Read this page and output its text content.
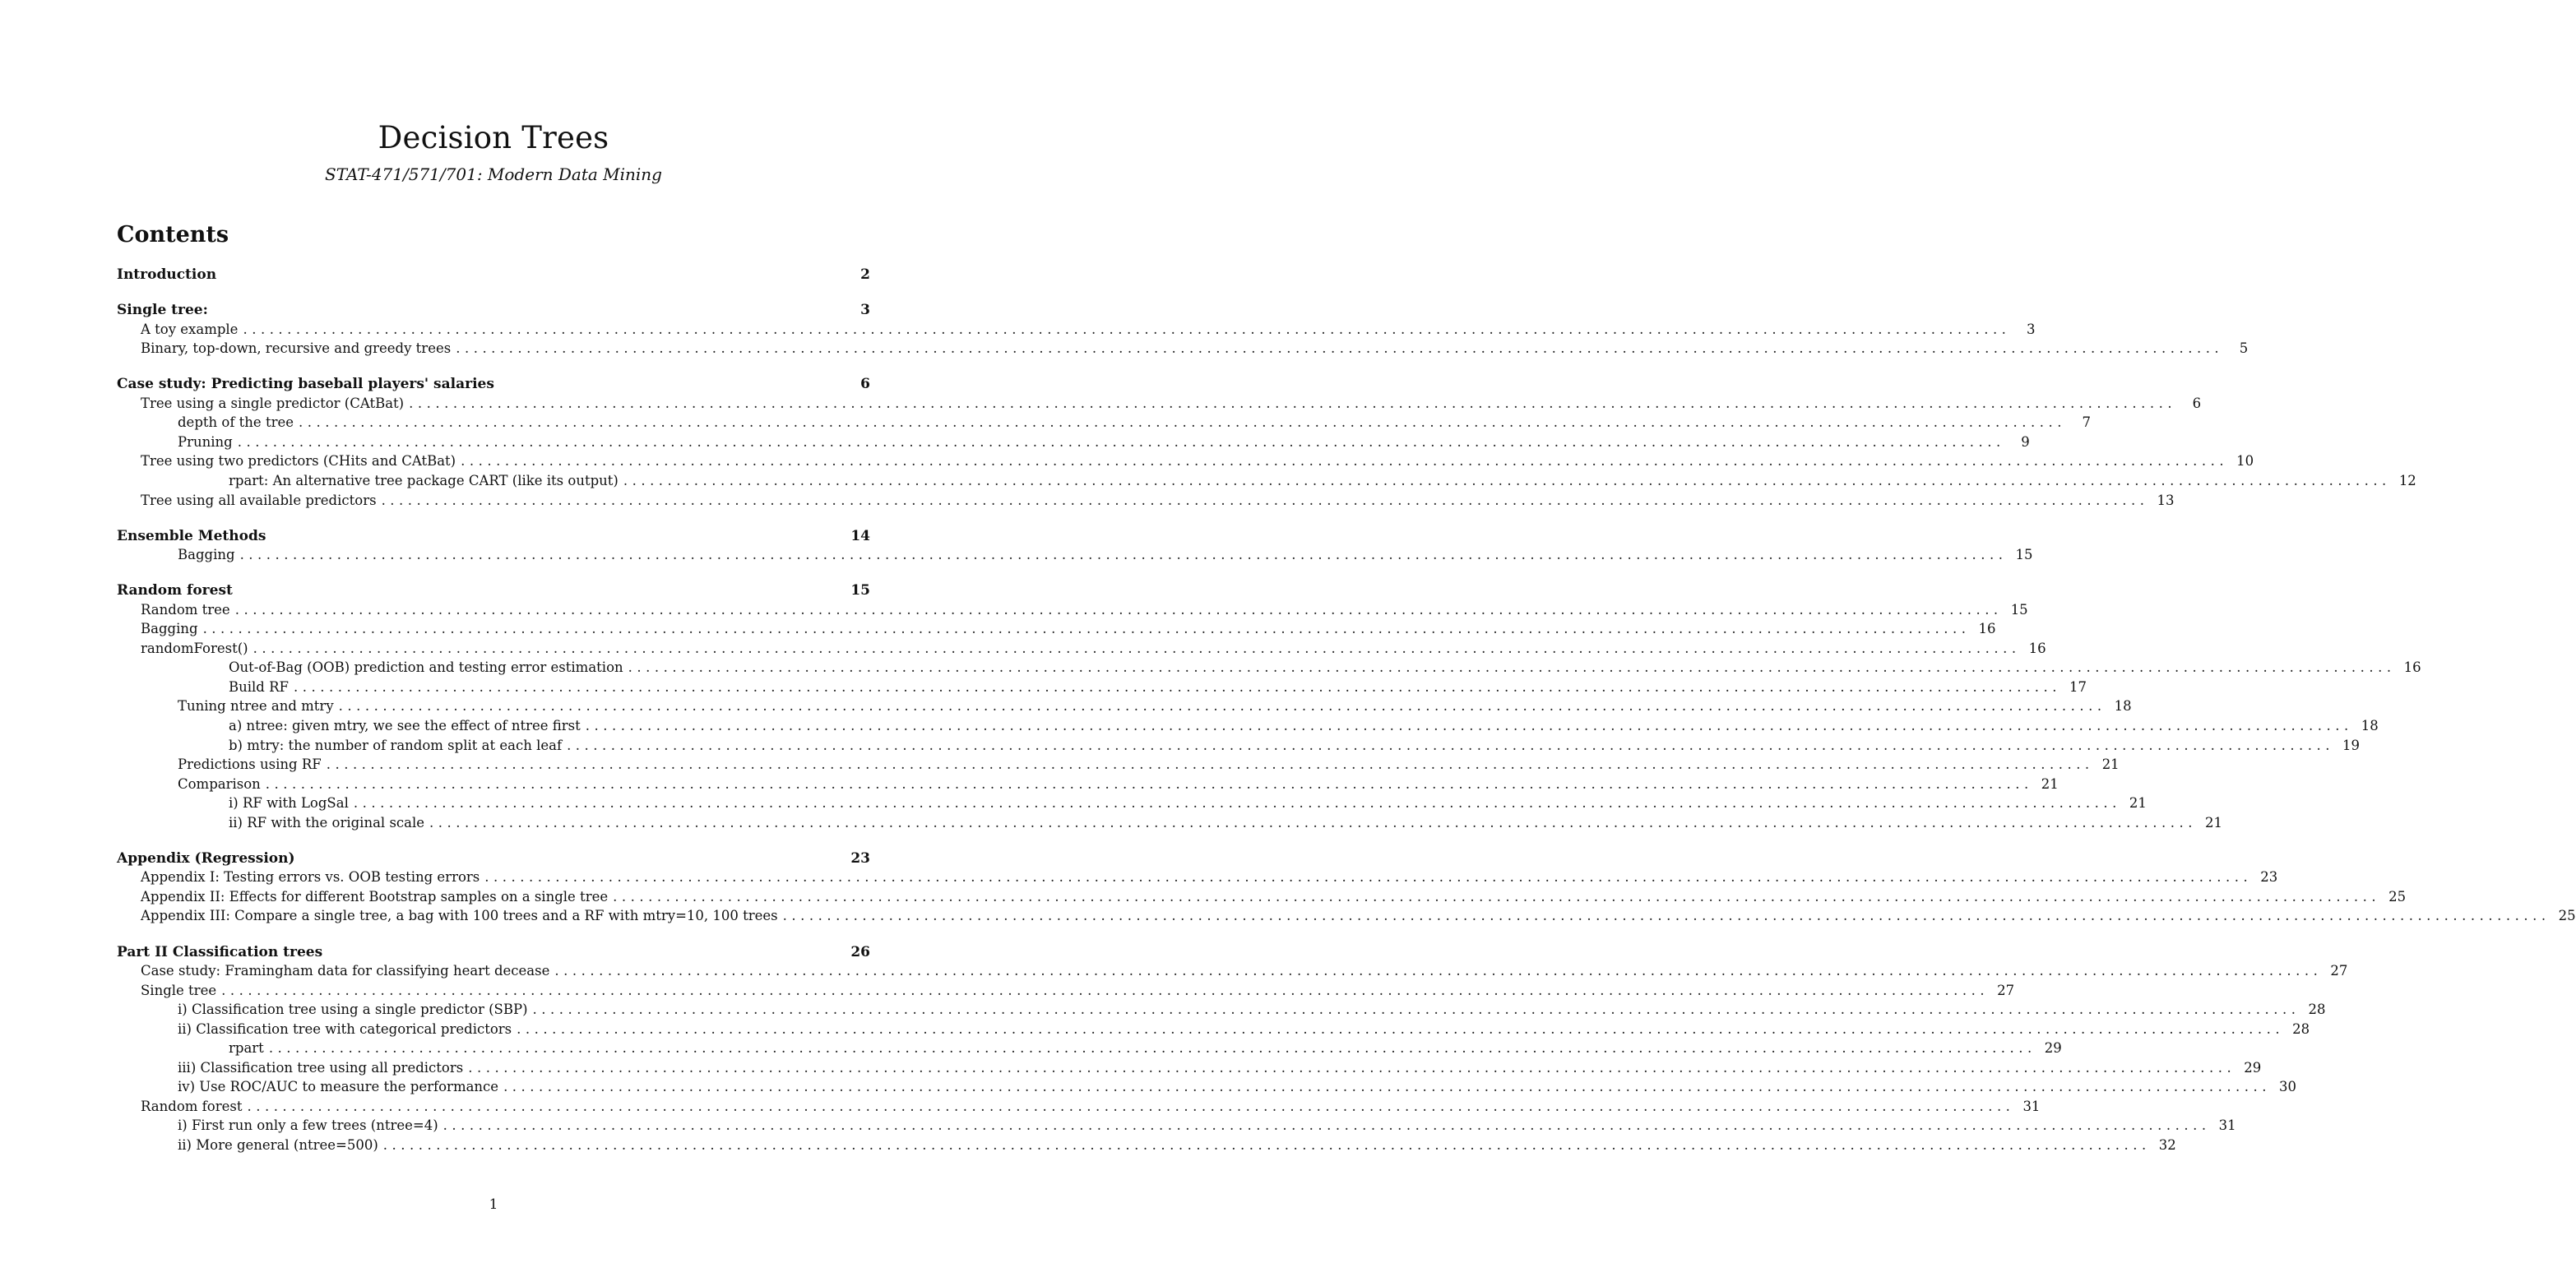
Decision Trees
STAT-471/571/701: Modern Data Mining
Contents
Introduction	2
Single tree:	3
A toy example ........................................................................................................................................................................................................	3
Binary, top-down, recursive and greedy trees ........................................................................................................................................................................................................	5
Case study: Predicting baseball players' salaries	6
Tree using a single predictor (CAtBat) ........................................................................................................................................................................................................	6
depth of the tree ........................................................................................................................................................................................................	7
Pruning ........................................................................................................................................................................................................	9
Tree using two predictors (CHits and CAtBat) ........................................................................................................................................................................................................ 10
rpart: An alternative tree package CART (like its output) ........................................................................................................................................................................................................ 12
Tree using all available predictors ........................................................................................................................................................................................................ 13
Ensemble Methods	14
Bagging ........................................................................................................................................................................................................ 15
Random forest	15
Random tree ........................................................................................................................................................................................................ 15
Bagging ........................................................................................................................................................................................................ 16
randomForest() ........................................................................................................................................................................................................ 16
Out-of-Bag (OOB) prediction and testing error estimation ........................................................................................................................................................................................................ 16
Build RF ........................................................................................................................................................................................................ 17
Tuning ntree and mtry ........................................................................................................................................................................................................ 18
a) ntree: given mtry, we see the effect of ntree first ........................................................................................................................................................................................................ 18
b) mtry: the number of random split at each leaf ........................................................................................................................................................................................................ 19
Predictions using RF ........................................................................................................................................................................................................ 21
Comparison ........................................................................................................................................................................................................ 21
i) RF with LogSal ........................................................................................................................................................................................................ 21
ii) RF with the original scale ........................................................................................................................................................................................................ 21
Appendix (Regression)	23
Appendix I: Testing errors vs. OOB testing errors ........................................................................................................................................................................................................ 23
Appendix II: Effects for different Bootstrap samples on a single tree ........................................................................................................................................................................................................ 25
Appendix III: Compare a single tree, a bag with 100 trees and a RF with mtry=10, 100 trees ........................................................................................................................................................................................................ 25
Part II Classification trees	26
Case study: Framingham data for classifying heart decease ........................................................................................................................................................................................................ 27
Single tree ........................................................................................................................................................................................................ 27
i) Classification tree using a single predictor (SBP) ........................................................................................................................................................................................................ 28
ii) Classification tree with categorical predictors ........................................................................................................................................................................................................ 28
rpart ........................................................................................................................................................................................................ 29
iii) Classification tree using all predictors ........................................................................................................................................................................................................ 29
iv) Use ROC/AUC to measure the performance ........................................................................................................................................................................................................ 30
Random forest ........................................................................................................................................................................................................ 31
i) First run only a few trees (ntree=4) ........................................................................................................................................................................................................ 31
ii) More general (ntree=500) ........................................................................................................................................................................................................ 32
1
